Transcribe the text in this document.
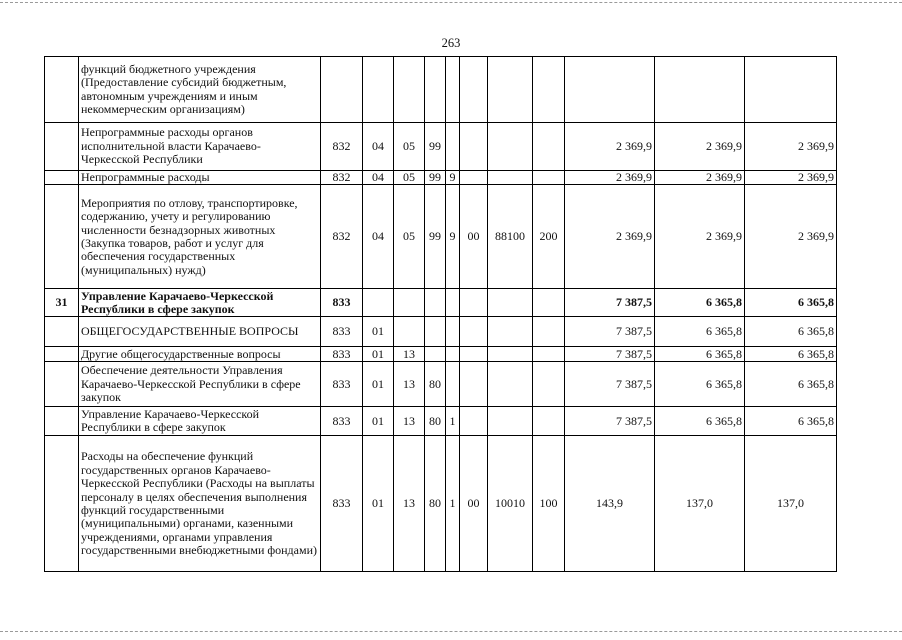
263
	функций бюджетного учреждения (Предоставление субсидий бюджетным, автономным учреждениям и иным некоммерческим организациям)											
	Непрограммные расходы органов исполнительной власти Карачаево-Черкесской Республики	832	04	05	99					2 369,9	2 369,9	2 369,9
	Непрограммные расходы	832	04	05	99	9				2 369,9	2 369,9	2 369,9
	Мероприятия по отлову, транспортировке, содержанию, учету и регулированию численности безнадзорных животных (Закупка товаров, работ и услуг для обеспечения государственных (муниципальных) нужд)	832	04	05	99	9	00	88100	200	2 369,9	2 369,9	2 369,9
31	Управление Карачаево-Черкесской Республики в сфере закупок	833								7 387,5	6 365,8	6 365,8
	ОБЩЕГОСУДАРСТВЕННЫЕ ВОПРОСЫ	833	01							7 387,5	6 365,8	6 365,8
	Другие общегосударственные вопросы	833	01	13						7 387,5	6 365,8	6 365,8
	Обеспечение деятельности Управления Карачаево-Черкесской Республики в сфере закупок	833	01	13	80					7 387,5	6 365,8	6 365,8
	Управление Карачаево-Черкесской Республики в сфере закупок	833	01	13	80	1				7 387,5	6 365,8	6 365,8
	Расходы на обеспечение функций государственных органов Карачаево-Черкесской Республики (Расходы на выплаты персоналу в целях обеспечения выполнения функций государственными (муниципальными) органами, казенными учреждениями, органами управления государственными внебюджетными фондами)	833	01	13	80	1	00	10010	100	143,9	137,0	137,0
